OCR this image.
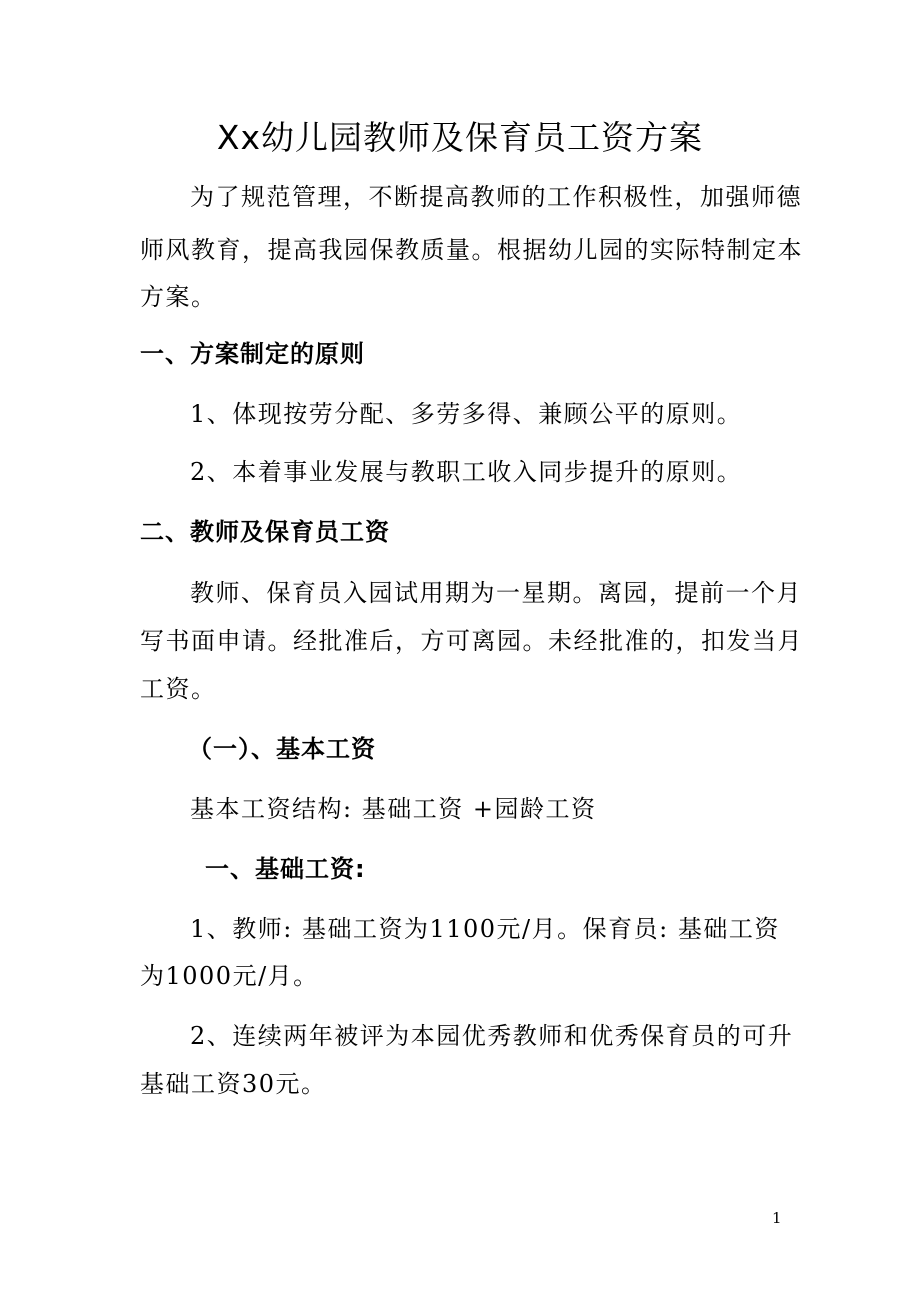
Xx幼儿园教师及保育员工资方案
为了规范管理，不断提高教师的工作积极性，加强师德
师风教育，提高我园保教质量。根据幼儿园的实际特制定本
方案。
一、方案制定的原则
1、体现按劳分配、多劳多得、兼顾公平的原则。
2、本着事业发展与教职工收入同步提升的原则。
二、教师及保育员工资
教师、保育员入园试用期为一星期。离园，提前一个月
写书面申请。经批准后，方可离园。未经批准的，扣发当月
工资。
（一）、基本工资
基本工资结构: 基础工资 +园龄工资
一、基础工资:
1、教师: 基础工资为1100元/月。保育员: 基础工资
为1000元/月。
2、连续两年被评为本园优秀教师和优秀保育员的可升
基础工资30元。
1
